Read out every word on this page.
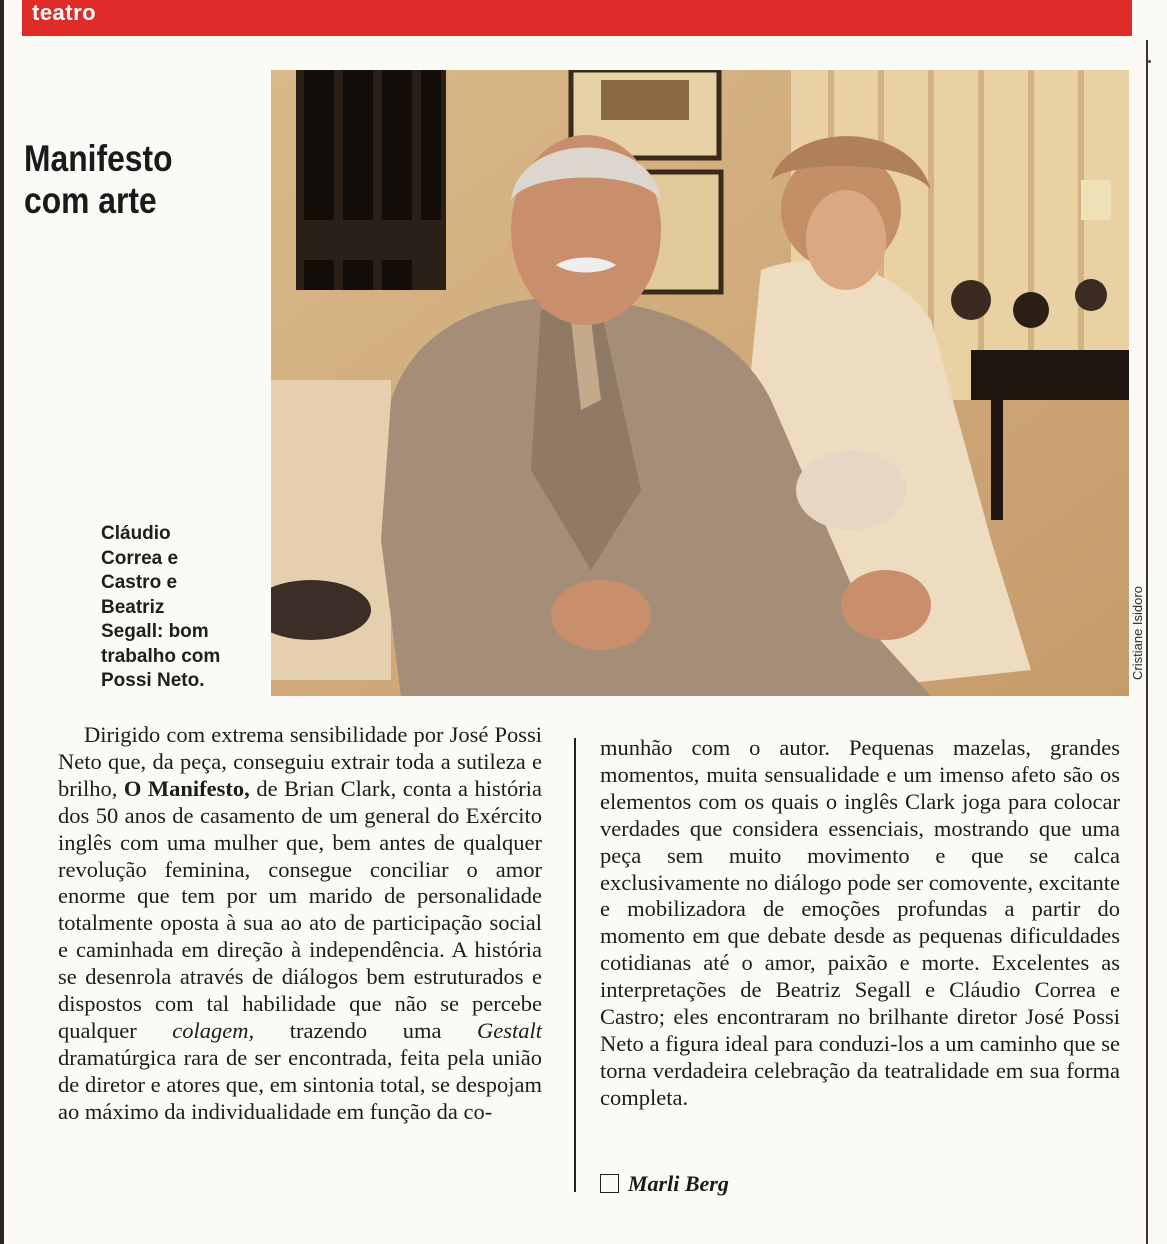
teatro
Manifesto
com arte
Cláudio
Correa e
Castro e
Beatriz
Segall: bom
trabalho com
Possi Neto.
Cristiane Isidoro

Dirigido com extrema sensibilidade por José Possi Neto que, da peça, conseguiu extrair toda a sutileza e brilho, O Manifesto, de Brian Clark, conta a história dos 50 anos de casamento de um general do Exército inglês com uma mulher que, bem antes de qualquer revolução feminina, consegue conciliar o amor enorme que tem por um marido de personalidade totalmente oposta à sua ao ato de participação social e caminhada em direção à independência. A história se desenrola através de diálogos bem estruturados e dispostos com tal habilidade que não se percebe qualquer colagem, trazendo uma Gestalt dramatúrgica rara de ser encontrada, feita pela união de diretor e atores que, em sintonia total, se despojam ao máximo da individualidade em função da co-

munhão com o autor. Pequenas mazelas, grandes momentos, muita sensualidade e um imenso afeto são os elementos com os quais o inglês Clark joga para colocar verdades que considera essenciais, mostrando que uma peça sem muito movimento e que se calca exclusivamente no diálogo pode ser comovente, excitante e mobilizadora de emoções profundas a partir do momento em que debate desde as pequenas dificuldades cotidianas até o amor, paixão e morte. Excelentes as interpretações de Beatriz Segall e Cláudio Correa e Castro; eles encontraram no brilhante diretor José Possi Neto a figura ideal para conduzi-los a um caminho que se torna verdadeira celebração da teatralidade em sua forma completa.

Marli Berg
